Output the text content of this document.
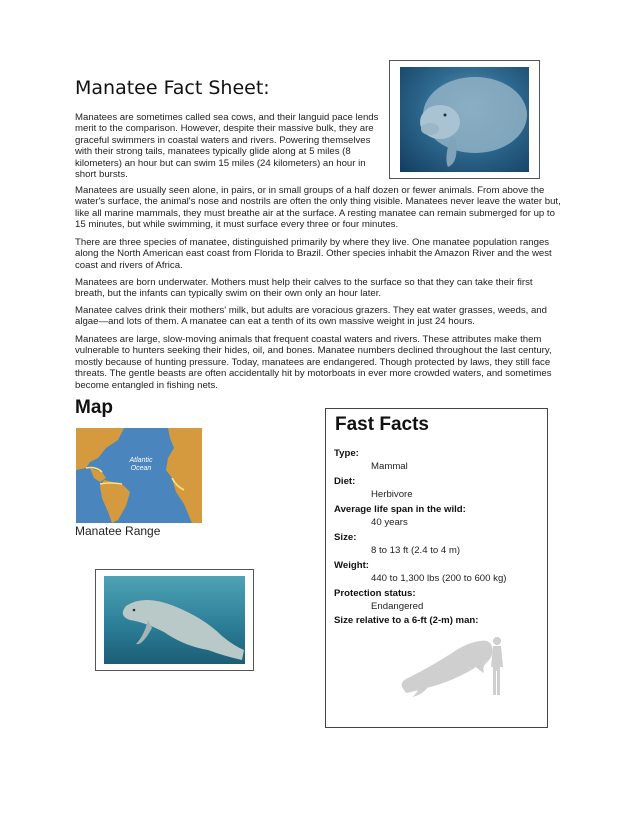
Manatee Fact Sheet:
Manatees are sometimes called sea cows, and their languid pace lends merit to the comparison. However, despite their massive bulk, they are graceful swimmers in coastal waters and rivers. Powering themselves with their strong tails, manatees typically glide along at 5 miles (8 kilometers) an hour but can swim 15 miles (24 kilometers) an hour in short bursts.
Manatees are usually seen alone, in pairs, or in small groups of a half dozen or fewer animals. From above the water's surface, the animal's nose and nostrils are often the only thing visible. Manatees never leave the water but, like all marine mammals, they must breathe air at the surface. A resting manatee can remain submerged for up to 15 minutes, but while swimming, it must surface every three or four minutes.
There are three species of manatee, distinguished primarily by where they live. One manatee population ranges along the North American east coast from Florida to Brazil. Other species inhabit the Amazon River and the west coast and rivers of Africa.
Manatees are born underwater. Mothers must help their calves to the surface so that they can take their first breath, but the infants can typically swim on their own only an hour later.
Manatee calves drink their mothers' milk, but adults are voracious grazers. They eat water grasses, weeds, and algae—and lots of them. A manatee can eat a tenth of its own massive weight in just 24 hours.
Manatees are large, slow-moving animals that frequent coastal waters and rivers. These attributes make them vulnerable to hunters seeking their hides, oil, and bones. Manatee numbers declined throughout the last century, mostly because of hunting pressure. Today, manatees are endangered. Though protected by laws, they still face threats. The gentle beasts are often accidentally hit by motorboats in ever more crowded waters, and sometimes become entangled in fishing nets.
Map
Atlantic
Ocean
Manatee Range
Fast Facts
Type:
Mammal
Diet:
Herbivore
Average life span in the wild:
40 years
Size:
8 to 13 ft (2.4 to 4 m)
Weight:
440 to 1,300 lbs (200 to 600 kg)
Protection status:
Endangered
Size relative to a 6-ft (2-m) man:
